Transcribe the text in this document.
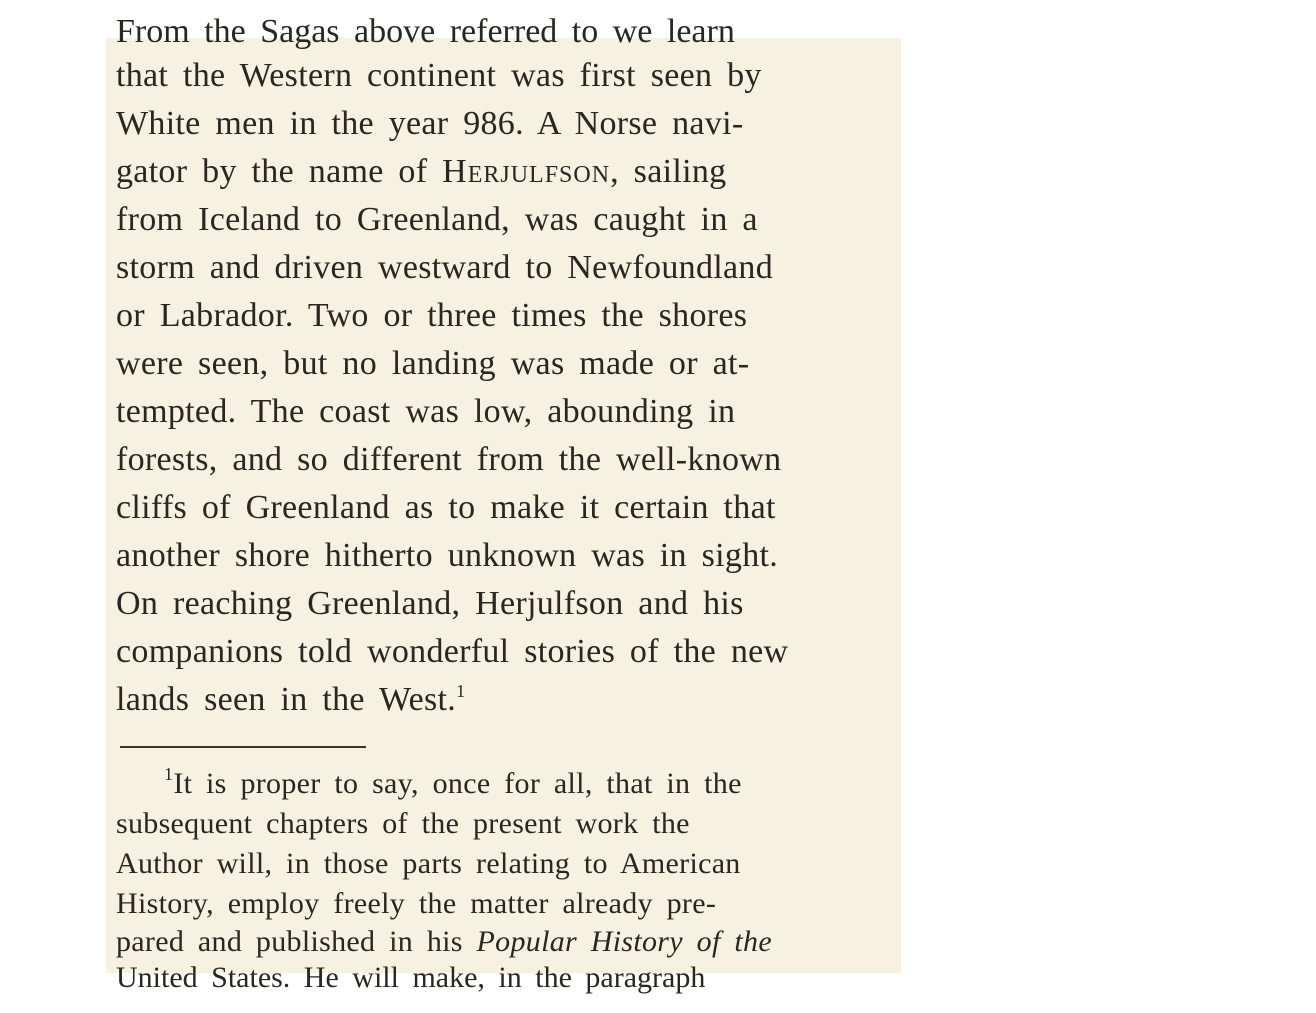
From the Sagas above referred to we learn
that the Western continent was first seen by
White men in the year 986. A Norse navi-
gator by the name of Herjulfson, sailing
from Iceland to Greenland, was caught in a
storm and driven westward to Newfoundland
or Labrador. Two or three times the shores
were seen, but no landing was made or at-
tempted. The coast was low, abounding in
forests, and so different from the well-known
cliffs of Greenland as to make it certain that
another shore hitherto unknown was in sight.
On reaching Greenland, Herjulfson and his
companions told wonderful stories of the new
lands seen in the West.$^1$
$^1$It is proper to say, once for all, that in the
subsequent chapters of the present work the
Author will, in those parts relating to American
History, employ freely the matter already pre-
pared and published in his Popular History of the
United States. He will make, in the paragraph
